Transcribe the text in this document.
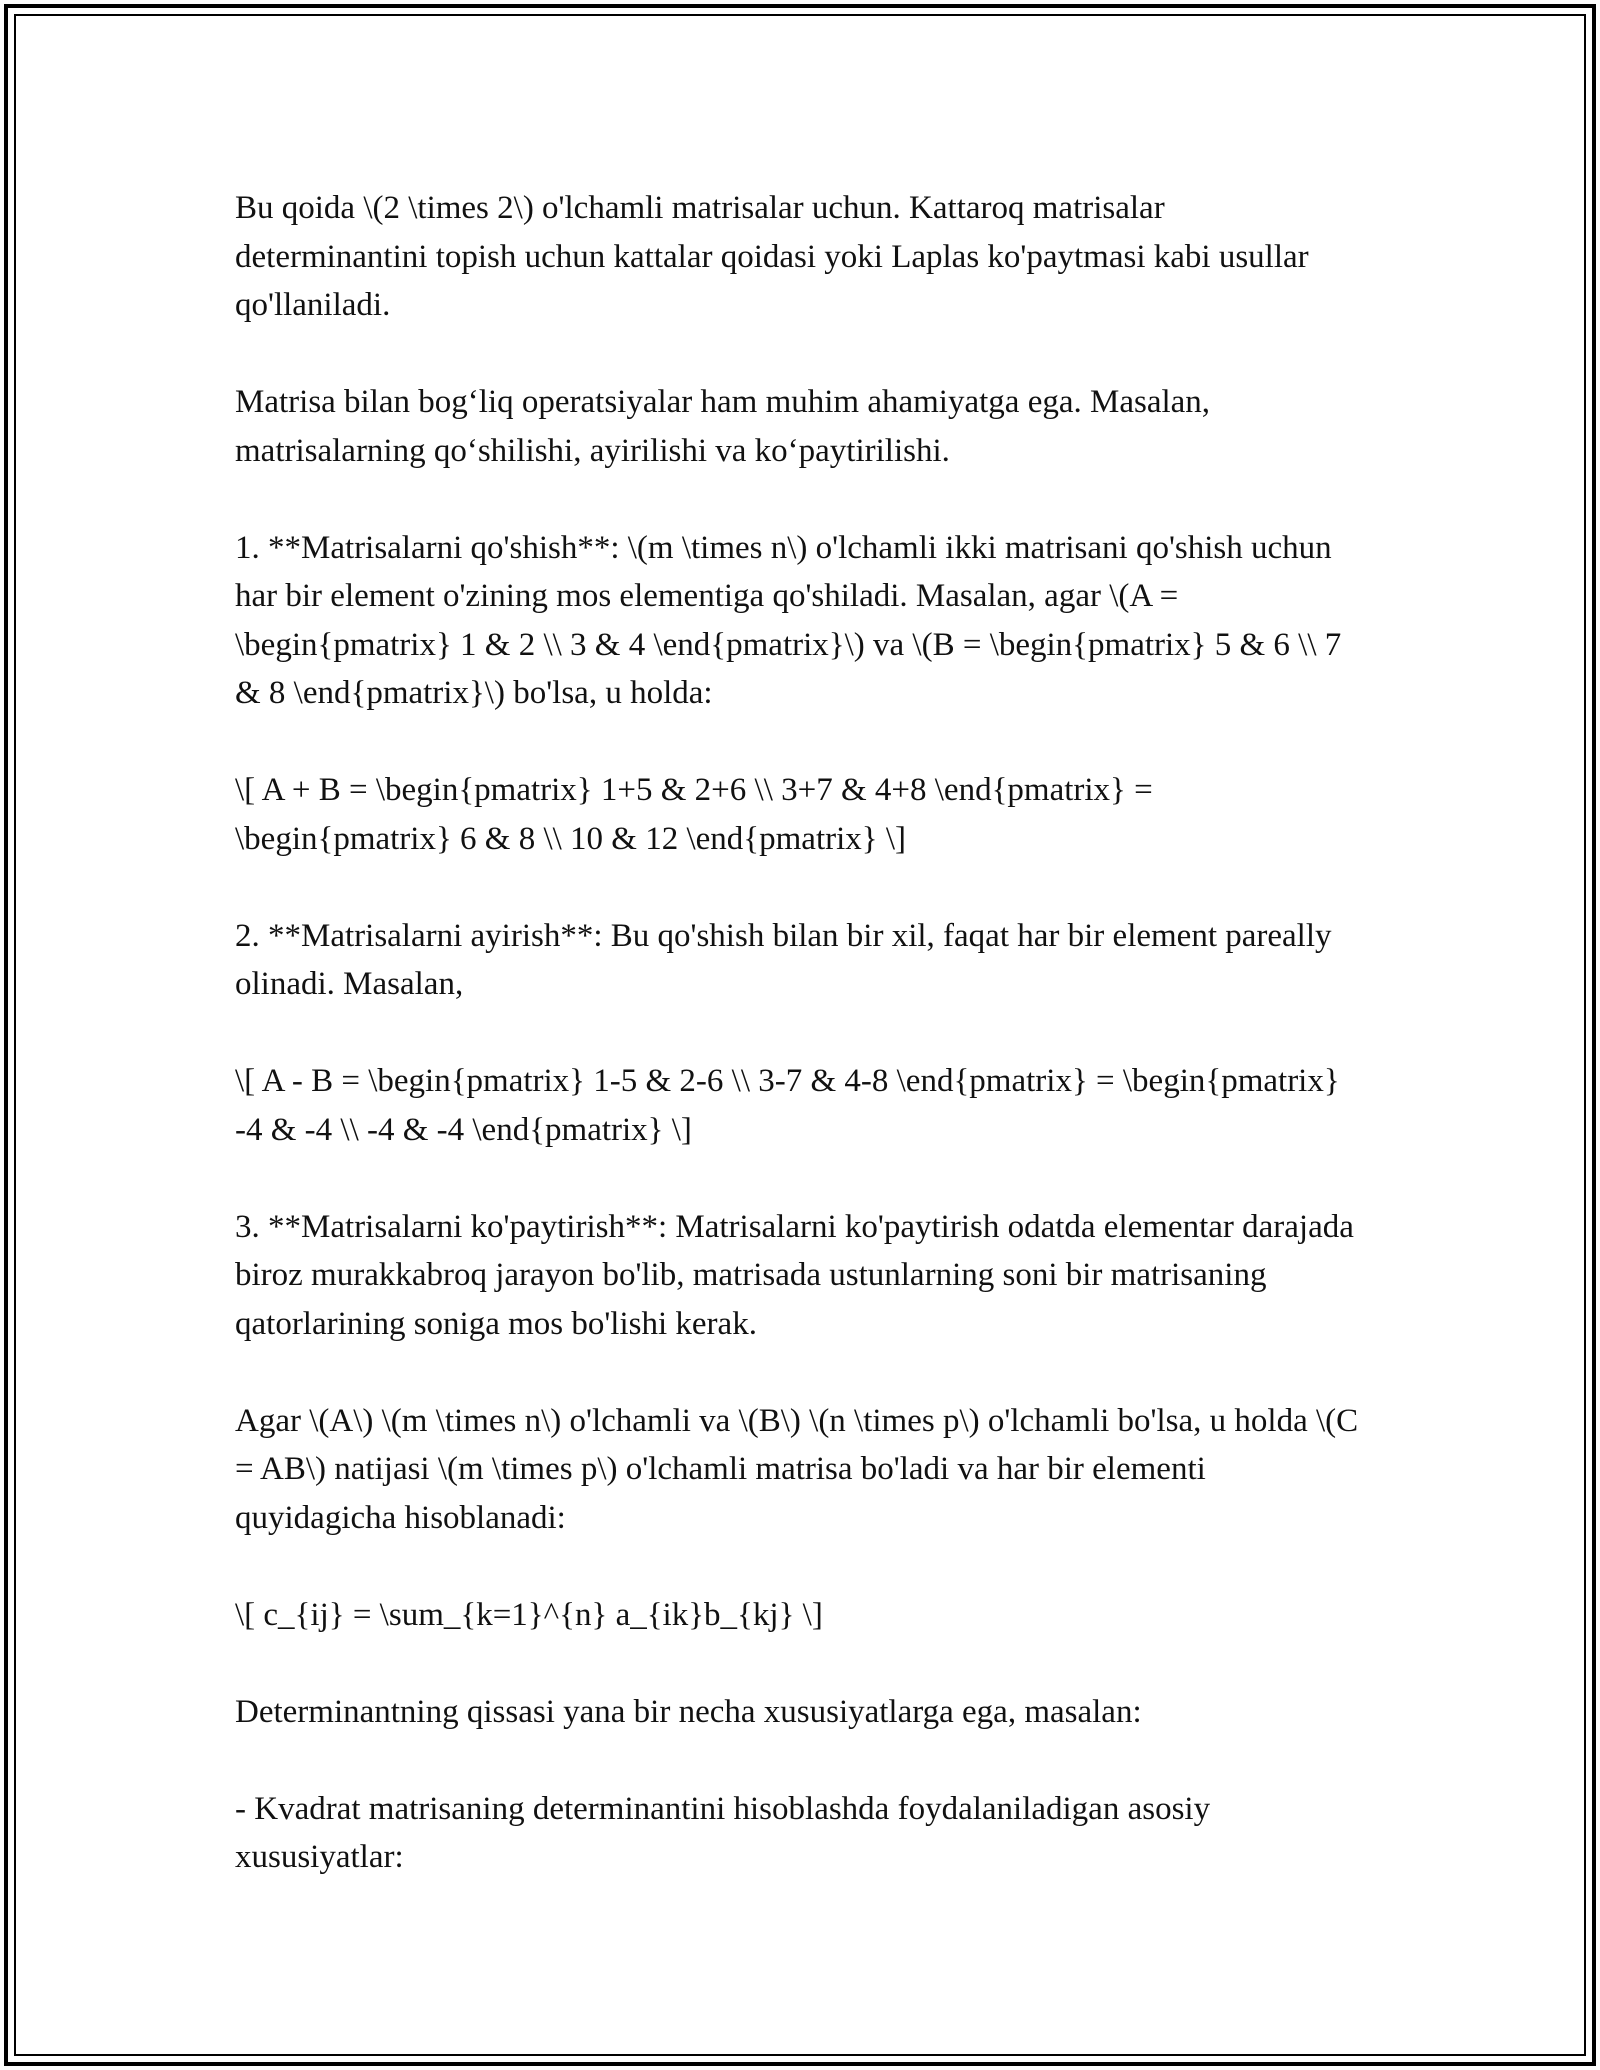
Bu qoida \(2 \times 2\) o'lchamli matrisalar uchun. Kattaroq matrisalar determinantini topish uchun kattalar qoidasi yoki Laplas ko'paytmasi kabi usullar qo'llaniladi.

Matrisa bilan bog‘liq operatsiyalar ham muhim ahamiyatga ega. Masalan, matrisalarning qo‘shilishi, ayirilishi va ko‘paytirilishi.

1. **Matrisalarni qo'shish**: \(m \times n\) o'lchamli ikki matrisani qo'shish uchun har bir element o'zining mos elementiga qo'shiladi. Masalan, agar \(A = \begin{pmatrix} 1 & 2 \\ 3 & 4 \end{pmatrix}\) va \(B = \begin{pmatrix} 5 & 6 \\ 7 & 8 \end{pmatrix}\) bo'lsa, u holda:

\[ A + B = \begin{pmatrix} 1+5 & 2+6 \\ 3+7 & 4+8 \end{pmatrix} = \begin{pmatrix} 6 & 8 \\ 10 & 12 \end{pmatrix} \]

2. **Matrisalarni ayirish**: Bu qo'shish bilan bir xil, faqat har bir element pareally olinadi. Masalan,

\[ A - B = \begin{pmatrix} 1-5 & 2-6 \\ 3-7 & 4-8 \end{pmatrix} = \begin{pmatrix} -4 & -4 \\ -4 & -4 \end{pmatrix} \]

3. **Matrisalarni ko'paytirish**: Matrisalarni ko'paytirish odatda elementar darajada biroz murakkabroq jarayon bo'lib, matrisada ustunlarning soni bir matrisaning qatorlarining soniga mos bo'lishi kerak.

Agar \(A\) \(m \times n\) o'lchamli va \(B\) \(n \times p\) o'lchamli bo'lsa, u holda \(C = AB\) natijasi \(m \times p\) o'lchamli matrisa bo'ladi va har bir elementi quyidagicha hisoblanadi:

\[ c_{ij} = \sum_{k=1}^{n} a_{ik}b_{kj} \]

Determinantning qissasi yana bir necha xususiyatlarga ega, masalan:

- Kvadrat matrisaning determinantini hisoblashda foydalaniladigan asosiy xususiyatlar:
